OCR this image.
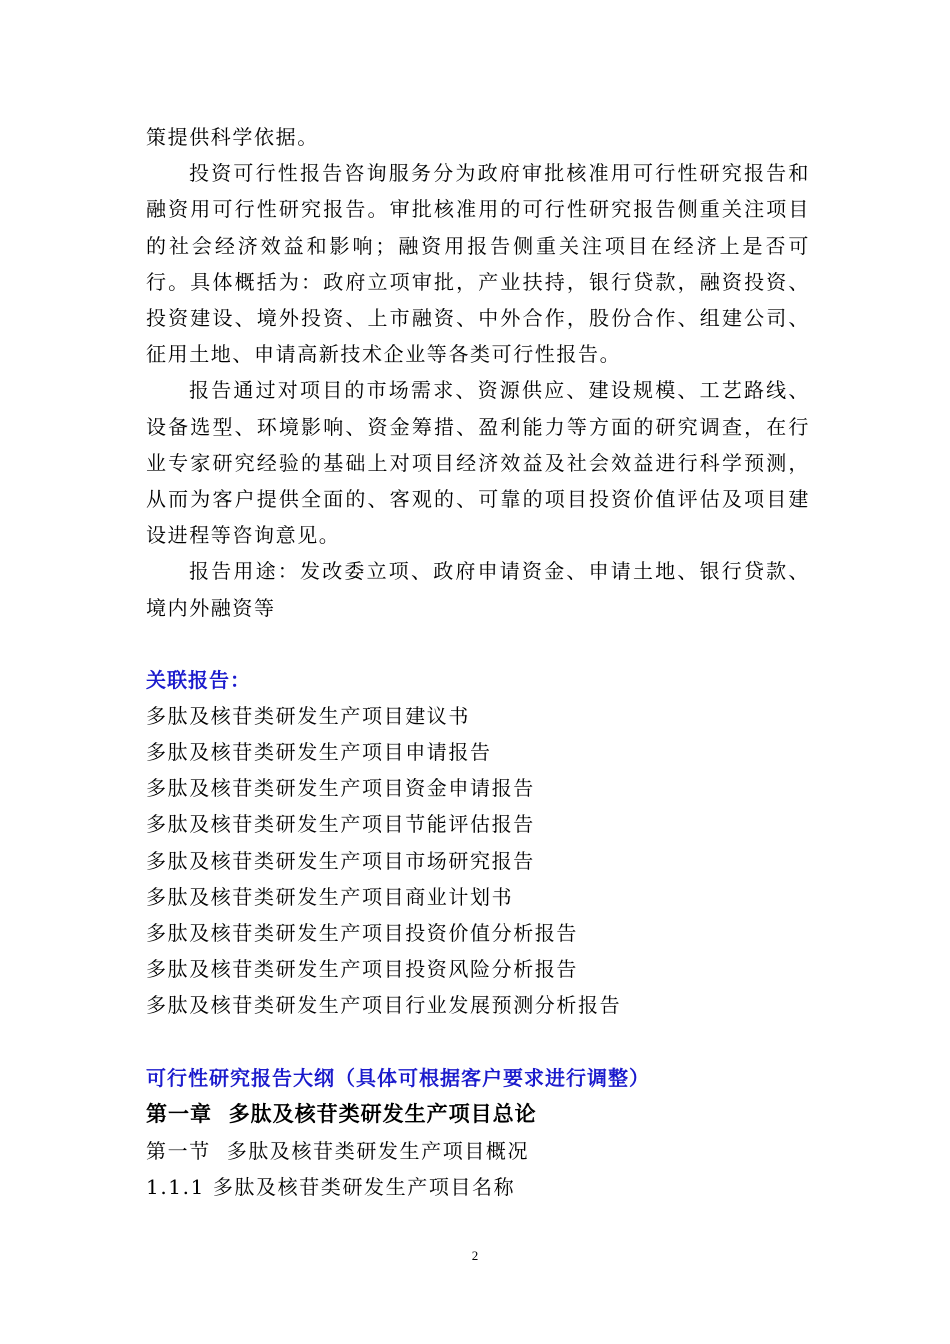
策提供科学依据。

投资可行性报告咨询服务分为政府审批核准用可行性研究报告和融资用可行性研究报告。审批核准用的可行性研究报告侧重关注项目的社会经济效益和影响；融资用报告侧重关注项目在经济上是否可行。具体概括为：政府立项审批，产业扶持，银行贷款，融资投资、投资建设、境外投资、上市融资、中外合作，股份合作、组建公司、征用土地、申请高新技术企业等各类可行性报告。

报告通过对项目的市场需求、资源供应、建设规模、工艺路线、设备选型、环境影响、资金筹措、盈利能力等方面的研究调查，在行业专家研究经验的基础上对项目经济效益及社会效益进行科学预测，从而为客户提供全面的、客观的、可靠的项目投资价值评估及项目建设进程等咨询意见。

报告用途：发改委立项、政府申请资金、申请土地、银行贷款、境内外融资等

关联报告：

多肽及核苷类研发生产项目建议书
多肽及核苷类研发生产项目申请报告
多肽及核苷类研发生产项目资金申请报告
多肽及核苷类研发生产项目节能评估报告
多肽及核苷类研发生产项目市场研究报告
多肽及核苷类研发生产项目商业计划书
多肽及核苷类研发生产项目投资价值分析报告
多肽及核苷类研发生产项目投资风险分析报告
多肽及核苷类研发生产项目行业发展预测分析报告

可行性研究报告大纲（具体可根据客户要求进行调整）

第一章  多肽及核苷类研发生产项目总论

第一节  多肽及核苷类研发生产项目概况

1.1.1 多肽及核苷类研发生产项目名称

2
